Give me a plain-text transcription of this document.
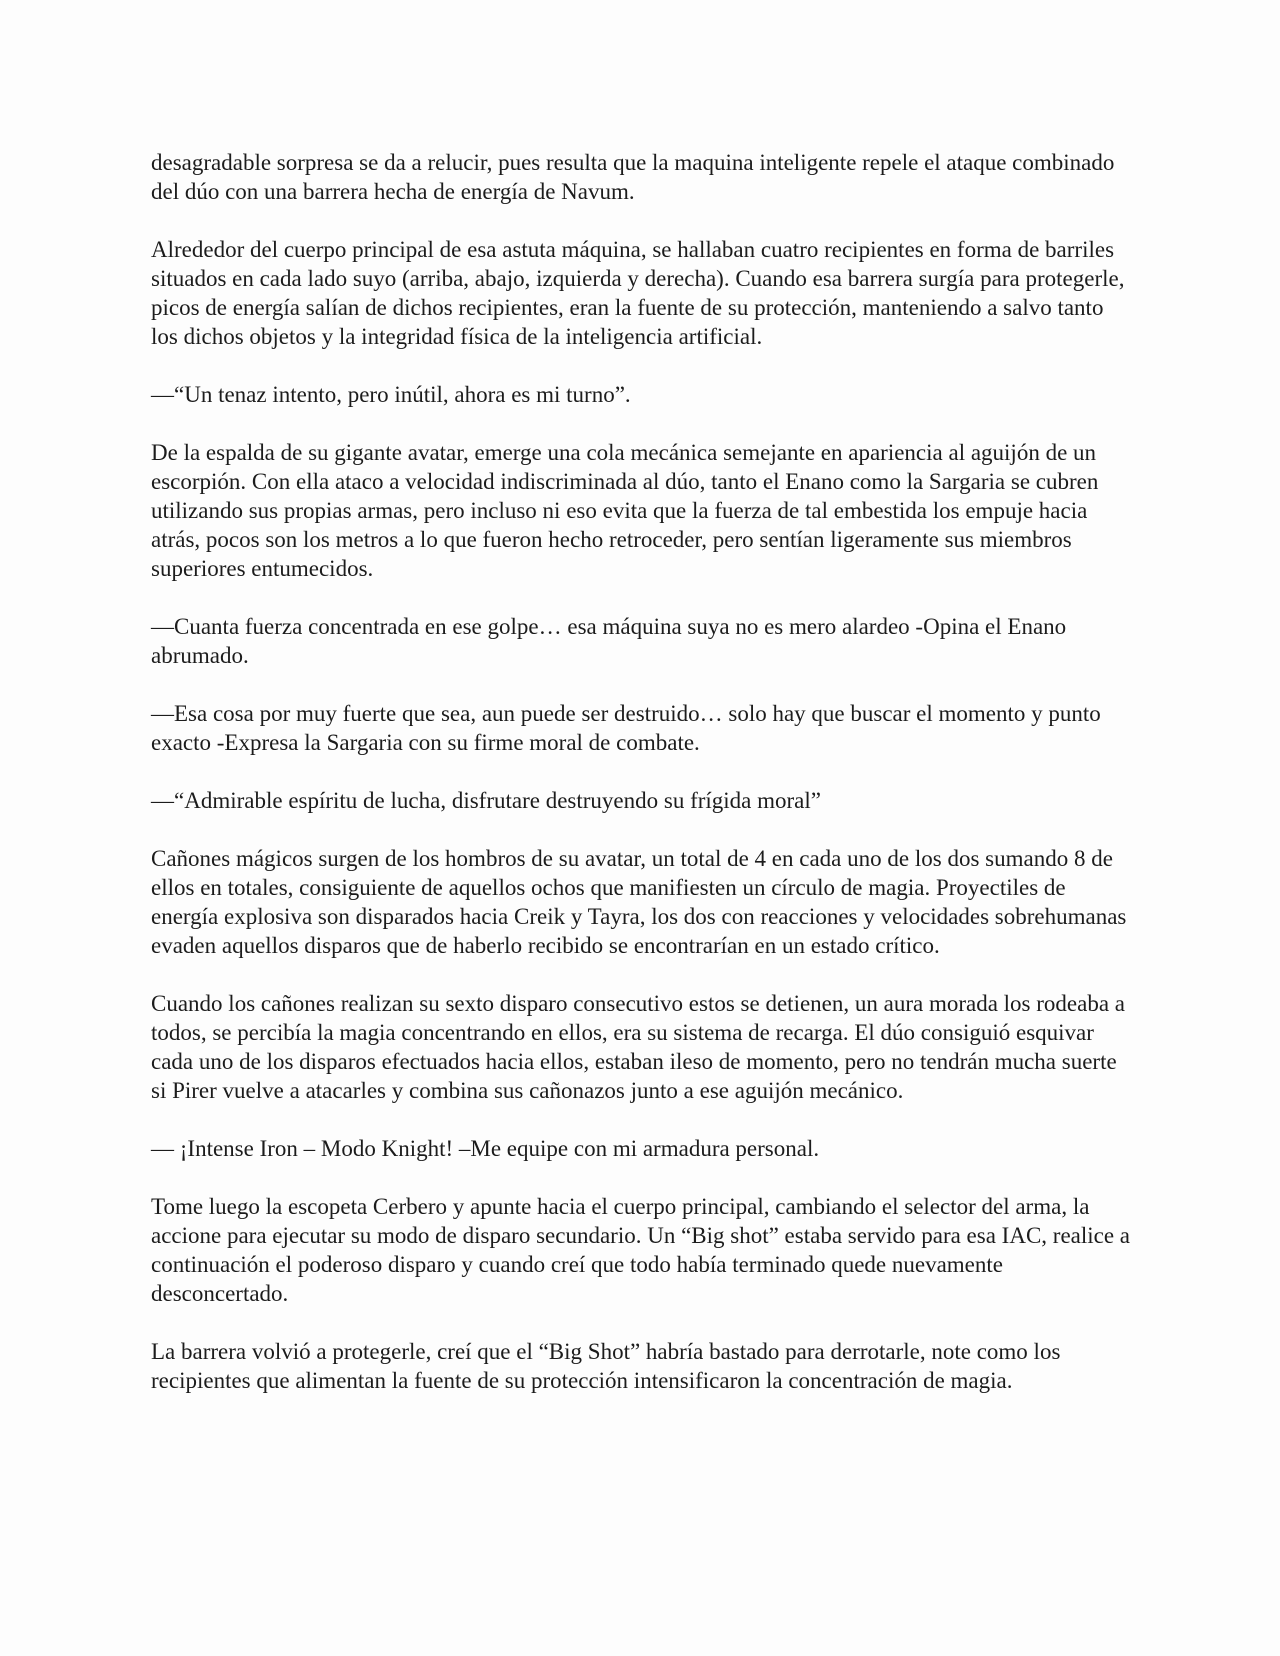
desagradable sorpresa se da a relucir, pues resulta que la maquina inteligente repele el ataque combinado del dúo con una barrera hecha de energía de Navum.

Alrededor del cuerpo principal de esa astuta máquina, se hallaban cuatro recipientes en forma de barriles situados en cada lado suyo (arriba, abajo, izquierda y derecha). Cuando esa barrera surgía para protegerle, picos de energía salían de dichos recipientes, eran la fuente de su protección, manteniendo a salvo tanto los dichos objetos y la integridad física de la inteligencia artificial.

—“Un tenaz intento, pero inútil, ahora es mi turno”.

De la espalda de su gigante avatar, emerge una cola mecánica semejante en apariencia al aguijón de un escorpión. Con ella ataco a velocidad indiscriminada al dúo, tanto el Enano como la Sargaria se cubren utilizando sus propias armas, pero incluso ni eso evita que la fuerza de tal embestida los empuje hacia atrás, pocos son los metros a lo que fueron hecho retroceder, pero sentían ligeramente sus miembros superiores entumecidos.

—Cuanta fuerza concentrada en ese golpe… esa máquina suya no es mero alardeo -Opina el Enano abrumado.

—Esa cosa por muy fuerte que sea, aun puede ser destruido… solo hay que buscar el momento y punto exacto -Expresa la Sargaria con su firme moral de combate.

—“Admirable espíritu de lucha, disfrutare destruyendo su frígida moral”

Cañones mágicos surgen de los hombros de su avatar, un total de 4 en cada uno de los dos sumando 8 de ellos en totales, consiguiente de aquellos ochos que manifiesten un círculo de magia. Proyectiles de energía explosiva son disparados hacia Creik y Tayra, los dos con reacciones y velocidades sobrehumanas evaden aquellos disparos que de haberlo recibido se encontrarían en un estado crítico.

Cuando los cañones realizan su sexto disparo consecutivo estos se detienen, un aura morada los rodeaba a todos, se percibía la magia concentrando en ellos, era su sistema de recarga. El dúo consiguió esquivar cada uno de los disparos efectuados hacia ellos, estaban ileso de momento, pero no tendrán mucha suerte si Pirer vuelve a atacarles y combina sus cañonazos junto a ese aguijón mecánico.

— ¡Intense Iron – Modo Knight! –Me equipe con mi armadura personal.

Tome luego la escopeta Cerbero y apunte hacia el cuerpo principal, cambiando el selector del arma, la accione para ejecutar su modo de disparo secundario. Un “Big shot” estaba servido para esa IAC, realice a continuación el poderoso disparo y cuando creí que todo había terminado quede nuevamente desconcertado.

La barrera volvió a protegerle, creí que el “Big Shot” habría bastado para derrotarle, note como los recipientes que alimentan la fuente de su protección intensificaron la concentración de magia.
